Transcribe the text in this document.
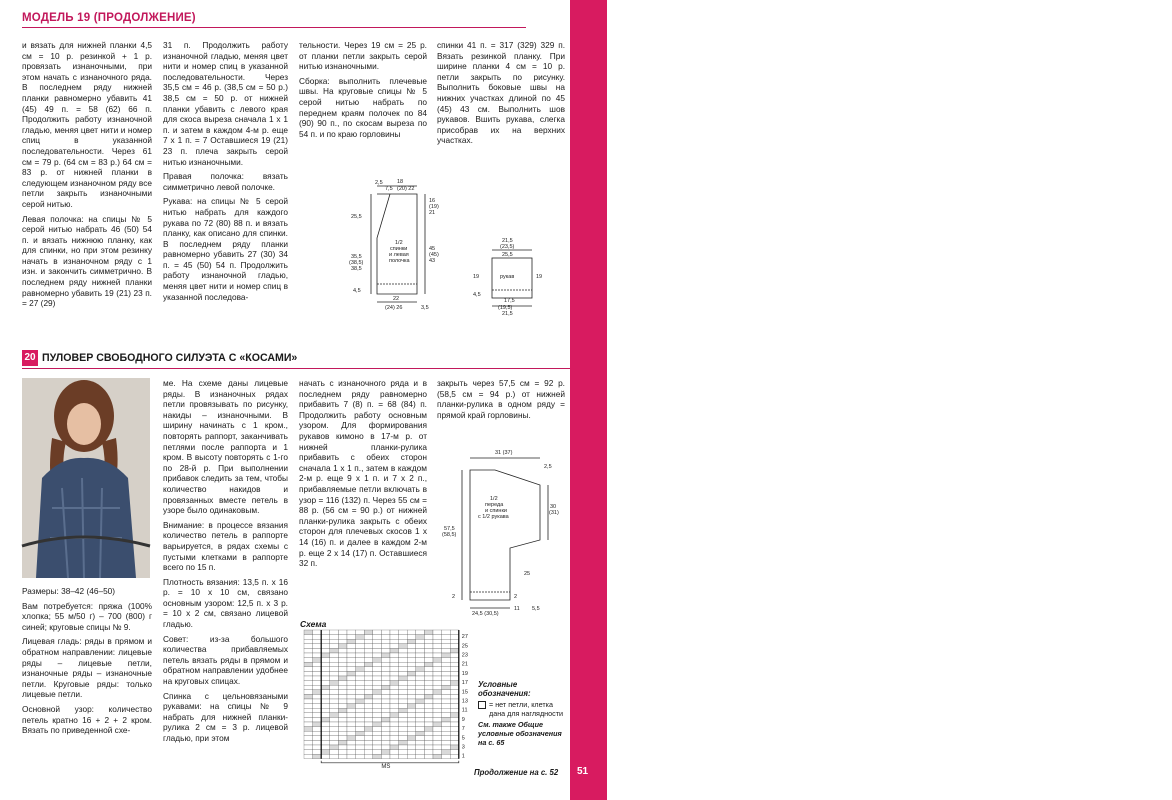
VERENA SPECIAL 01-2022
МОДЕЛЬ 19 (ПРОДОЛЖЕНИЕ)

и вязать для нижней планки 4,5 см = 10 р. резинкой + 1 р. провязать изнаночными, при этом начать с изнаночного ряда. В последнем ряду нижней планки равномерно убавить 41 (45) 49 п. = 58 (62) 66 п. Продолжить работу изнаночной гладью, меняя цвет нити и номер спиц в указанной последовательности. Через 61 см = 79 р. (64 см = 83 р.) 64 см = 83 р. от нижней планки в следующем изнаночном ряду все петли закрыть изнаночными серой нитью.

Левая полочка: на спицы № 5 серой нитью набрать 46 (50) 54 п. и вязать нижнюю планку, как для спинки, но при этом резинку начать в изнаночном ряду с 1 изн. и закончить симметрично. В последнем ряду нижней планки равномерно убавить 19 (21) 23 п. = 27 (29)

31 п. Продолжить работу изнаночной гладью, меняя цвет нити и номер спиц в указанной последовательности. Через 35,5 см = 46 р. (38,5 см = 50 р.) 38,5 см = 50 р. от нижней планки убавить с левого края для скоса выреза сначала 1 х 1 п. и затем в каждом 4-м р. еще 7 х 1 п. = 7 Оставшиеся 19 (21) 23 п. плеча закрыть серой нитью изнаночными.

Правая полочка: вязать симметрично левой полочке.

Рукава: на спицы № 5 серой нитью набрать для каждого рукава по 72 (80) 88 п. и вязать планку, как описано для спинки. В последнем ряду планки равномерно убавить 27 (30) 34 п. = 45 (50) 54 п. Продолжить работу изнаночной гладью, меняя цвет нити и номер спиц в указанной последова-

тельности. Через 19 см = 25 р. от планки петли закрыть серой нитью изнаночными.

Сборка: выполнить плечевые швы. На круговые спицы № 5 серой нитью набрать по переднем краям полочек по 84 (90) 90 п., по скосам выреза по 54 п. и по краю горловины

спинки 41 п. = 317 (329) 329 п. Вязать резинкой планку. При ширине планки 4 см = 10 р. петли закрыть по рисунку. Выполнить боковые швы на нижних участках длиной по 45 (45) 43 см. Выполнить шов рукавов. Вшить рукава, слегка присобрав их на верхних участках.

2,5	18
7,5 (20) 22
16
(19)
21
25,5
1/2
спинки
и левая
полочка
35,5
(38,5)
38,5
45
(45)
43
4,5
22
(24) 26	3,5
21,5
(23,5)
25,5
19	рукав	19
4,5
17,5
(19,5)
21,5
20 ПУЛОВЕР СВОБОДНОГО СИЛУЭТА С «КОСАМИ»

Размеры: 38–42 (46–50)

Вам потребуется: пряжа (100% хлопка; 55 м/50 г) – 700 (800) г синей; круговые спицы № 9.

Лицевая гладь: ряды в прямом и обратном направлении: лицевые ряды – лицевые петли, изнаночные ряды – изнаночные петли. Круговые ряды: только лицевые петли.

Основной узор: количество петель кратно 16 + 2 + 2 кром. Вязать по приведенной схе-

ме. На схеме даны лицевые ряды. В изнаночных рядах петли провязывать по рисунку, накиды – изнаночными. В ширину начинать с 1 кром., повторять раппорт, заканчивать петлями после раппорта и 1 кром. В высоту повторять с 1-го по 28-й р. При выполнении прибавок следить за тем, чтобы количество накидов и провязанных вместе петель в узоре было одинаковым.

Внимание: в процессе вязания количество петель в раппорте варьируется, в рядах схемы с пустыми клетками в раппорте всего по 15 п.

Плотность вязания: 13,5 п. х 16 р. = 10 х 10 см, связано основным узором: 12,5 п. х 3 р. = 10 х 2 см, связано лицевой гладью.

Совет: из-за большого количества прибавляемых петель вязать ряды в прямом и обратном направлении удобнее на круговых спицах.

Спинка с цельновязаными рукавами: на спицы № 9 набрать для нижней планки-рулика 2 см = 3 р. лицевой гладью, при этом

начать с изнаночного ряда и в последнем ряду равномерно прибавить 7 (8) п. = 68 (84) п. Продолжить работу основным узором. Для формирования рукавов кимоно в 17-м р. от нижней планки-рулика прибавить с обеих сторон сначала 1 х 1 п., затем в каждом 2-м р. еще 9 х 1 п. и 7 х 2 п., прибавляемые петли включать в узор = 116 (132) п. Через 55 см = 88 р. (56 см = 90 р.) от нижней планки-рулика закрыть с обеих сторон для плечевых скосов 1 х 14 (16) п. и далее в каждом 2-м р. еще 2 х 14 (17) п. Оставшиеся 32 п.

закрыть через 57,5 см = 92 р. (58,5 см = 94 р.) от нижней планки-рулика в одном ряду = прямой край горловины.

31 (37)
2,5
1/2
переда
и спинки
с 1/2 рукава
30
(31)
57,5
(58,5)
25
2	2
24,5 (30,5)
11 5,5
Схема
27
25
23
21
19
17
15
13
11
9
7
5
3
1
MS
Условные обозначения:
= нет петли, клетка дана для наглядности
См. также Общие условные обозначения на с. 65
Продолжение на с. 52 51
PassionForum.ru
